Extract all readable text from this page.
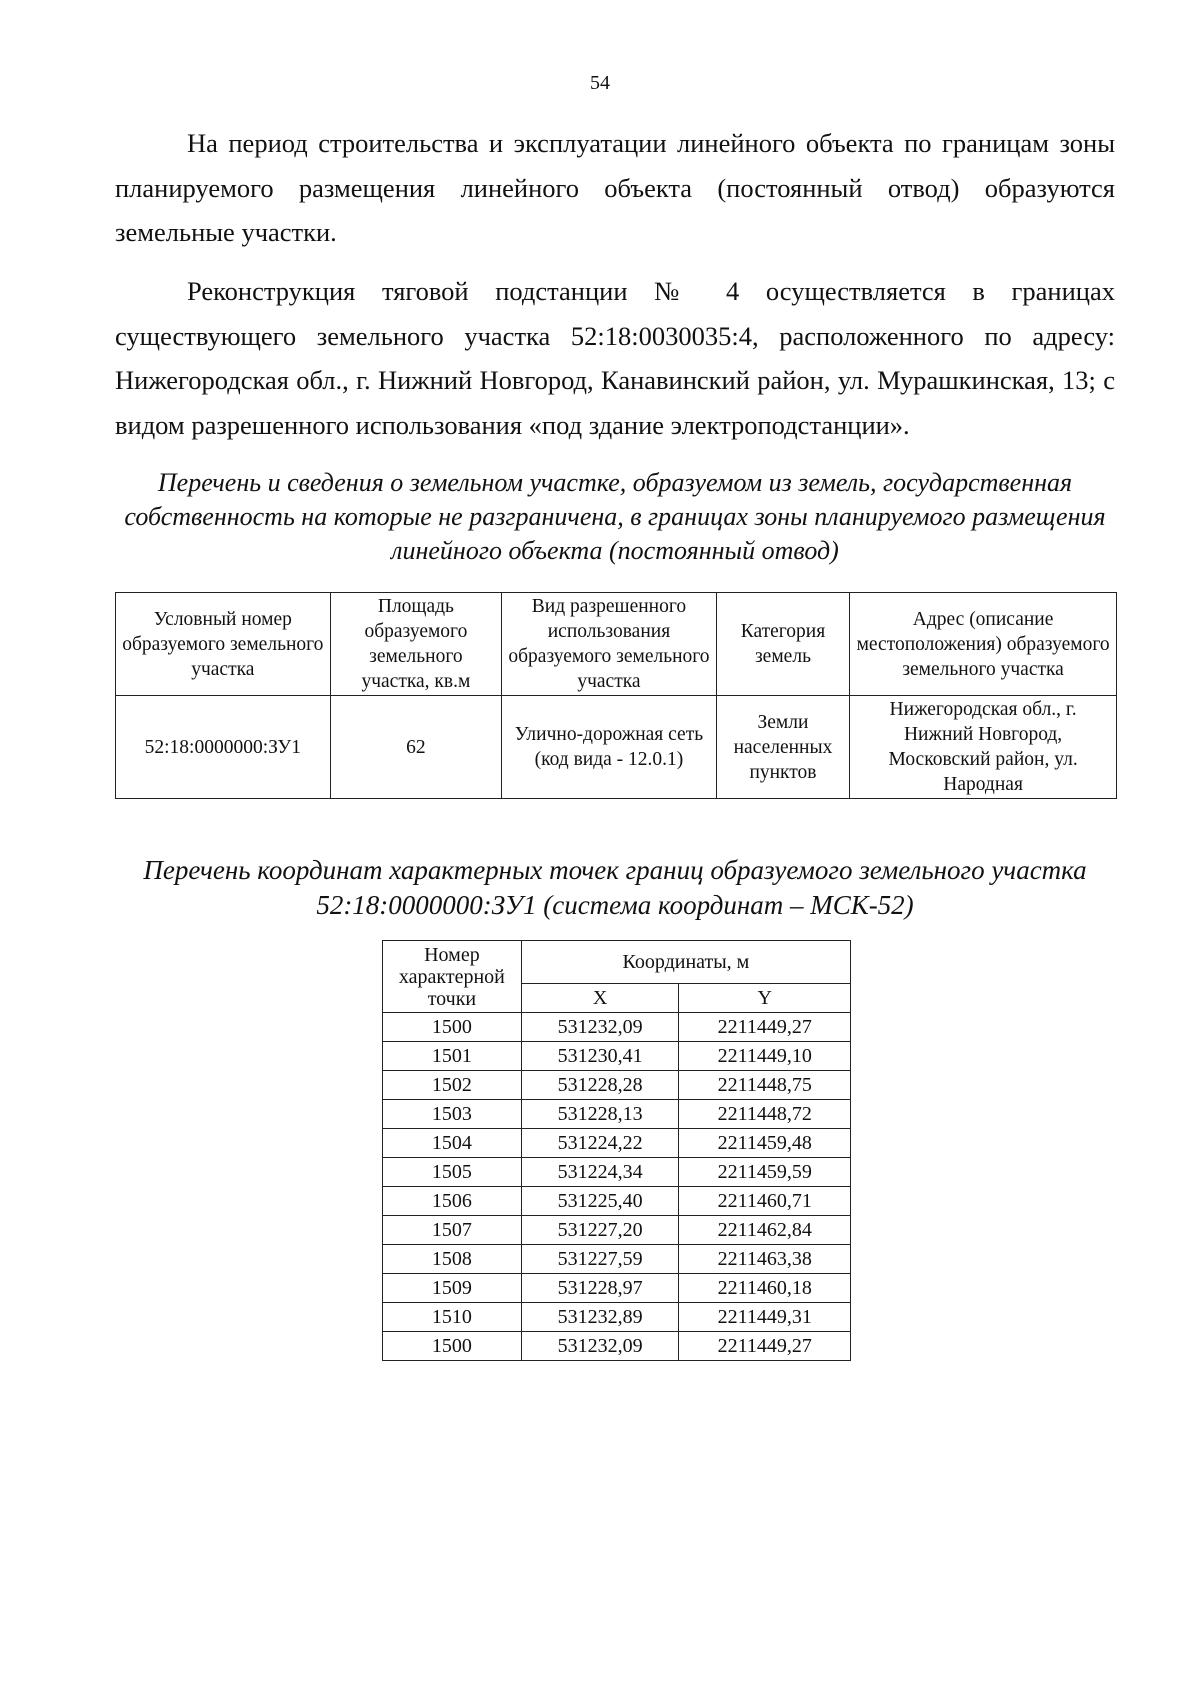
54

На период строительства и эксплуатации линейного объекта по границам зоны планируемого размещения линейного объекта (постоянный отвод) образуются земельные участки.

Реконструкция тяговой подстанции № 4 осуществляется в границах существующего земельного участка 52:18:0030035:4, расположенного по адресу: Нижегородская обл., г. Нижний Новгород, Канавинский район, ул. Мурашкинская, 13; с видом разрешенного использования «под здание электроподстанции».

Перечень и сведения о земельном участке, образуемом из земель, государственная собственность на которые не разграничена, в границах зоны планируемого размещения линейного объекта (постоянный отвод)

Условный номер образуемого земельного участка	Площадь образуемого земельного участка, кв.м	Вид разрешенного использования образуемого земельного участка	Категория земель	Адрес (описание местоположения) образуемого земельного участка
52:18:0000000:ЗУ1	62	Улично-дорожная сеть (код вида - 12.0.1)	Земли населенных пунктов	Нижегородская обл., г. Нижний Новгород, Московский район, ул. Народная

Перечень координат характерных точек границ образуемого земельного участка 52:18:0000000:ЗУ1 (система координат – МСК-52)

Номер характерной точки	Координаты, м	
	X	Y
1500	531232,09	2211449,27
1501	531230,41	2211449,10
1502	531228,28	2211448,75
1503	531228,13	2211448,72
1504	531224,22	2211459,48
1505	531224,34	2211459,59
1506	531225,40	2211460,71
1507	531227,20	2211462,84
1508	531227,59	2211463,38
1509	531228,97	2211460,18
1510	531232,89	2211449,31
1500	531232,09	2211449,27
